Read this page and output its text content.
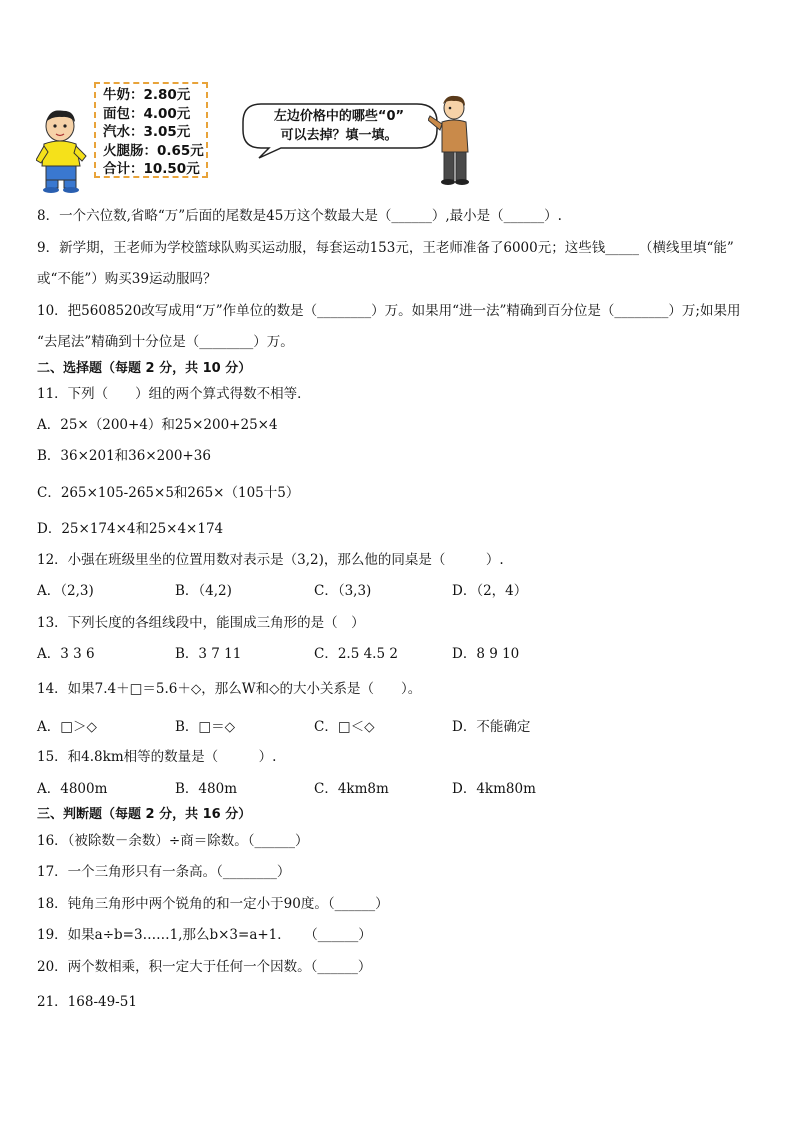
牛奶：2.80元
面包：4.00元
汽水：3.05元
火腿肠：0.65元
合计：10.50元
左边价格中的哪些“0”
可以去掉？填一填。
8．一个六位数,省略“万”后面的尾数是45万这个数最大是（______）,最小是（______）.
9．新学期，王老师为学校篮球队购买运动服，每套运动153元，王老师准备了6000元；这些钱_____（横线里填“能”
或“不能”）购买39运动服吗？
10．把5608520改写成用“万”作单位的数是（________）万。如果用“进一法”精确到百分位是（________）万;如果用
“去尾法”精确到十分位是（________）万。
二、选择题（每题 2 分，共 10 分）
11．下列（　　）组的两个算式得数不相等．
A．25×（200+4）和25×200+25×4
B．36×201和36×200+36
C．265×105-265×5和265×（105十5）
D．25×174×4和25×4×174
12．小强在班级里坐的位置用数对表示是（3,2)，那么他的同桌是（　　　）.
A．（2,3)	B．（4,2)	C．（3,3)	D．（2，4）
13．下列长度的各组线段中，能围成三角形的是（　）
A．3 3 6	B．3 7 11	C．2.5 4.5 2	D．8 9 10
14．如果7.4＋□＝5.6＋◇，那么W和◇的大小关系是（　　）。
A．□＞◇	B．□＝◇	C．□＜◇	D．不能确定
15．和4.8km相等的数量是（　　　）.
A．4800m	B．480m	C．4km8m	D．4km80m
三、判断题（每题 2 分，共 16 分）
16．（被除数－余数）÷商＝除数。（______）
17．一个三角形只有一条高。（________）
18．钝角三角形中两个锐角的和一定小于90度。（______）
19．如果a÷b=3……1,那么b×3=a+1．　　（______）
20．两个数相乘，积一定大于任何一个因数。（______）
21．168-49-51
